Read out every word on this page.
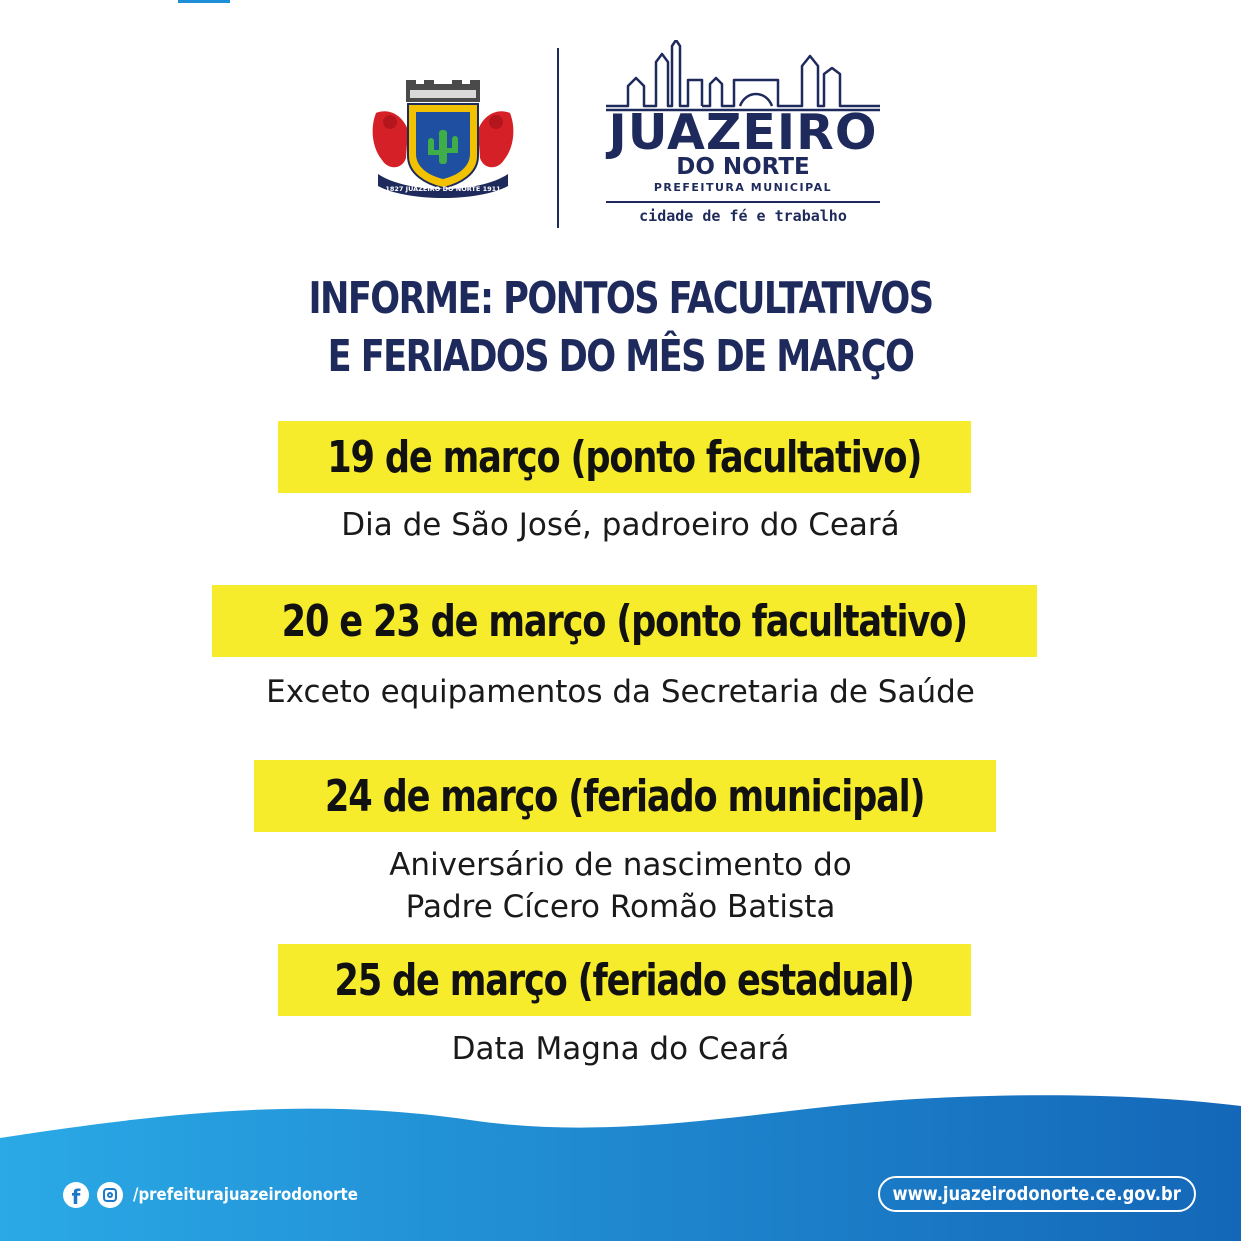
1827 JUAZEIRO DO NORTE 1911
JUAZEIRO
DO NORTE
PREFEITURA MUNICIPAL
cidade de fé e trabalho
INFORME: PONTOS FACULTATIVOS
E FERIADOS DO MÊS DE MARÇO
19 de março (ponto facultativo)
Dia de São José, padroeiro do Ceará
20 e 23 de março (ponto facultativo)
Exceto equipamentos da Secretaria de Saúde
24 de março (feriado municipal)
Aniversário de nascimento do
Padre Cícero Romão Batista
25 de março (feriado estadual)
Data Magna do Ceará
f	/prefeiturajuazeirodonorte	www.juazeirodonorte.ce.gov.br
